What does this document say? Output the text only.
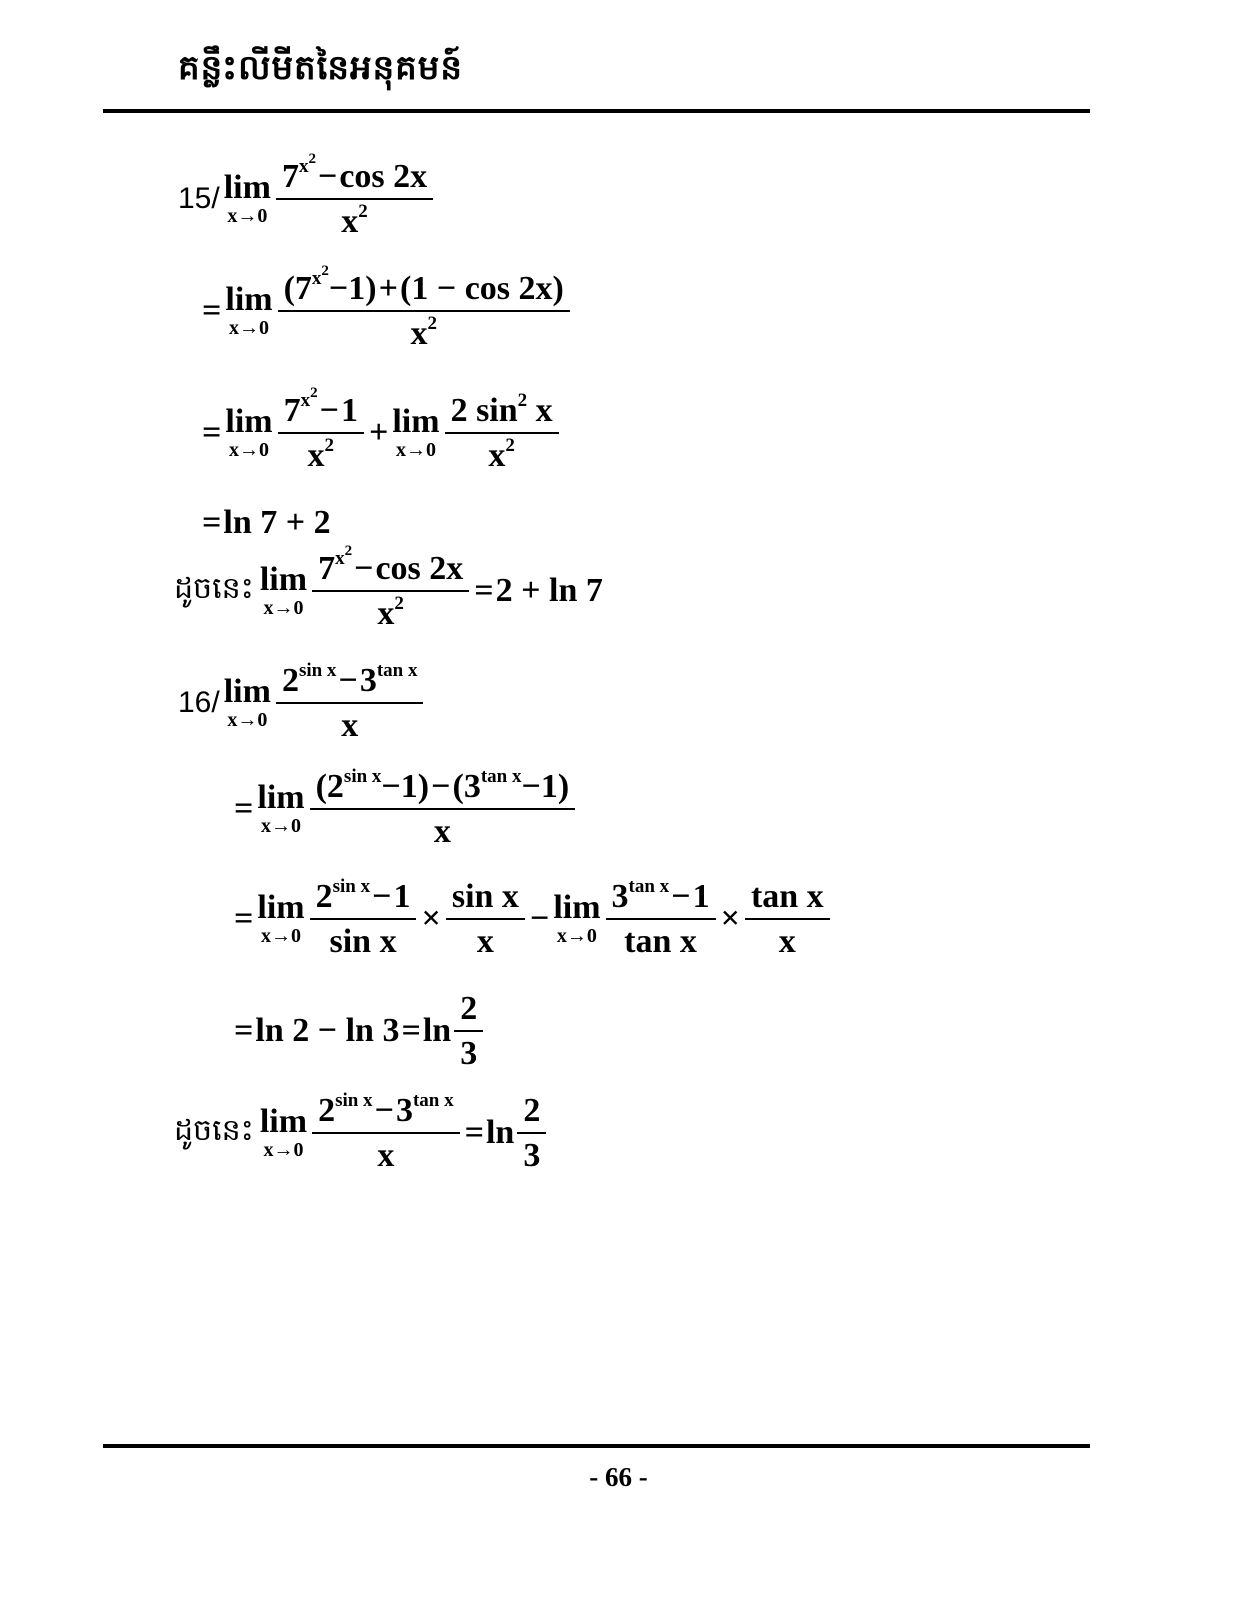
គន្លឹះលីមីតនៃអនុគមន៍
15/ lim
$x\to 0 \frac{7^{x^2}-\cos 2x}{x^2}$
= lim
$x\to 0 \frac{(7^{x^2}-1)+(1 - \cos 2x)}{x^2}$
= lim
$x\to 0 \frac{7^{x^2}-1}{x^2} + \lim$
$x\to 0 \frac{2 \sin^2 x}{x^2}$
= ln 7 + 2
ដូចនេះ lim
$x\to 0 \frac{7^{x^2}-\cos 2x}{x^2} = 2 + \ln 7$
16/ lim
$x\to 0 \frac{2^{sin x}-3^{tan x}}{x}$
= lim
$x\to 0 \frac{(2^{sin x}-1)-(3^{tan x}-1)}{x}$
= lim
$x\to 0 \frac{2^{sin x}-1}{\text{sin x}} \times \frac{\text{sin x}}{x} - \lim$
$x\to 0 \frac{3^{tan x}-1}{\text{tan x}} \times \frac{\text{tan x}}{x}$
= $\ln 2 - \ln 3 = \ln \frac{2}{3}$
ដូចនេះ lim
$x\to 0 \frac{2^{sin x}-3^{tan x}}{x} = \ln \frac{2}{3}$
- 66 -
